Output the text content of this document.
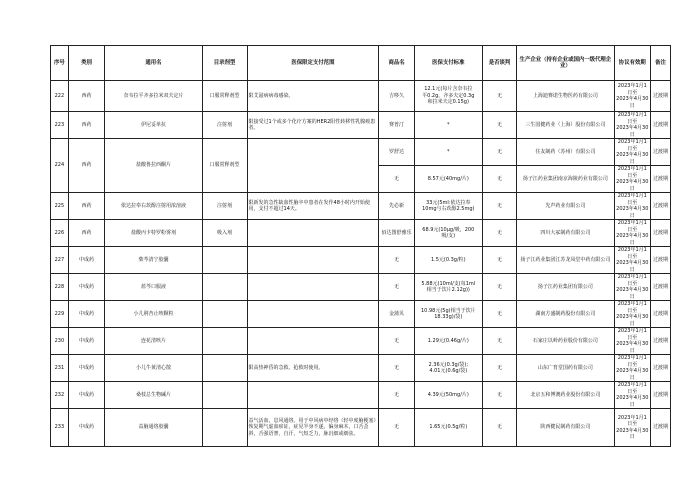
序号	类别	通用名	目录剂型	医保限定支付范围	商品名	医保支付标准	是否谈判	生产企业（持有企业或国内一级代理企业）	协议有效期	备注
222	西药	奈韦拉平齐多拉米双夫定片	口服常释剂型	限艾滋病病毒感染。	吉哆久	12.1元(每片含奈韦拉
平0.2g，齐多夫定0.3g
和拉米夫定0.15g)	无	上海迪赛诺生物医药有限公司	2023年1月1日至
2023年4月30日	过渡期
223	西药	伊尼妥单抗	注射剂	限接受过1个或多个化疗方案的HER2阳性转移性乳腺癌患者。	赛普汀	*	无	三生国健药业（上海）股份有限公司	2023年1月1日至
2023年4月30日	过渡期
224	西药	盐酸鲁拉西酮片	口服常释剂型		罗舒达	*	无	住友制药（苏州）有限公司	2023年1月1日至
2023年4月30日	过渡期
					无	8.57元(40mg/片)	无	扬子江药业集团南京海陵药业有限公司	2023年1月1日至
2023年4月30日	过渡期
225	西药	依达拉奉右莰醇注射用浓溶液	注射剂	限新发的急性缺血性脑卒中患者在发作48小时内开始使用，支付不超过14天。	先必新	33元(5ml:依达拉奉
10mg与右莰醇2.5mg)	无	先声药业有限公司	2023年1月1日至
2023年4月30日	过渡期
226	西药	盐酸丙卡特罗粉雾剂	吸入剂		佰达图舒雅乐	68.9元(10μg/吸，200
吸/支)	无	四川大冢制药有限公司	2023年1月1日至
2023年4月30日	过渡期
227	中成药	柴芩清宁胶囊			无	1.5元(0.3g/粒)	无	扬子江药业集团江苏龙凤堂中药有限公司	2023年1月1日至
2023年4月30日	过渡期
228	中成药	蓝芩口服液			无	5.88元(10ml/支(每1ml
相当于饮片2.12g))	无	扬子江药业集团有限公司	2023年1月1日至
2023年4月30日	过渡期
229	中成药	小儿荆杏止咳颗粒			金蒲贝	10.98元(5g(相当于饮片
18.33g)/袋)	无	湖南方盛制药股份有限公司	2023年1月1日至
2023年4月30日	过渡期
230	中成药	连花清咳片			无	1.29元(0.46g/片)	无	石家庄以岭药业股份有限公司	2023年1月1日至
2023年4月30日	过渡期
231	中成药	小儿牛黄清心散		限高热神昏的急救、抢救时使用。	无	2.36元(0.3g/袋);
4.01元(0.6g/袋)	无	山东广育堂国药有限公司	2023年1月1日至
2023年4月30日	过渡期
232	中成药	桑枝总生物碱片			无	4.39元(50mg/片)	无	北京五和博澳药业股份有限公司	2023年1月1日至
2023年4月30日	过渡期
233	中成药	益脑通络胶囊		益气活血，息风通络。用于中风病中经络（轻中度脑梗塞）恢复期气虚血瘀证，症见半身不遂，偏身麻木，口舌歪斜，舌强语謇，自汗，气短乏力，脉沉细或细弦。	无	1.65元(0.5g/粒)	无	陕西健民制药有限公司	2023年1月1日至
2023年4月30日	过渡期
